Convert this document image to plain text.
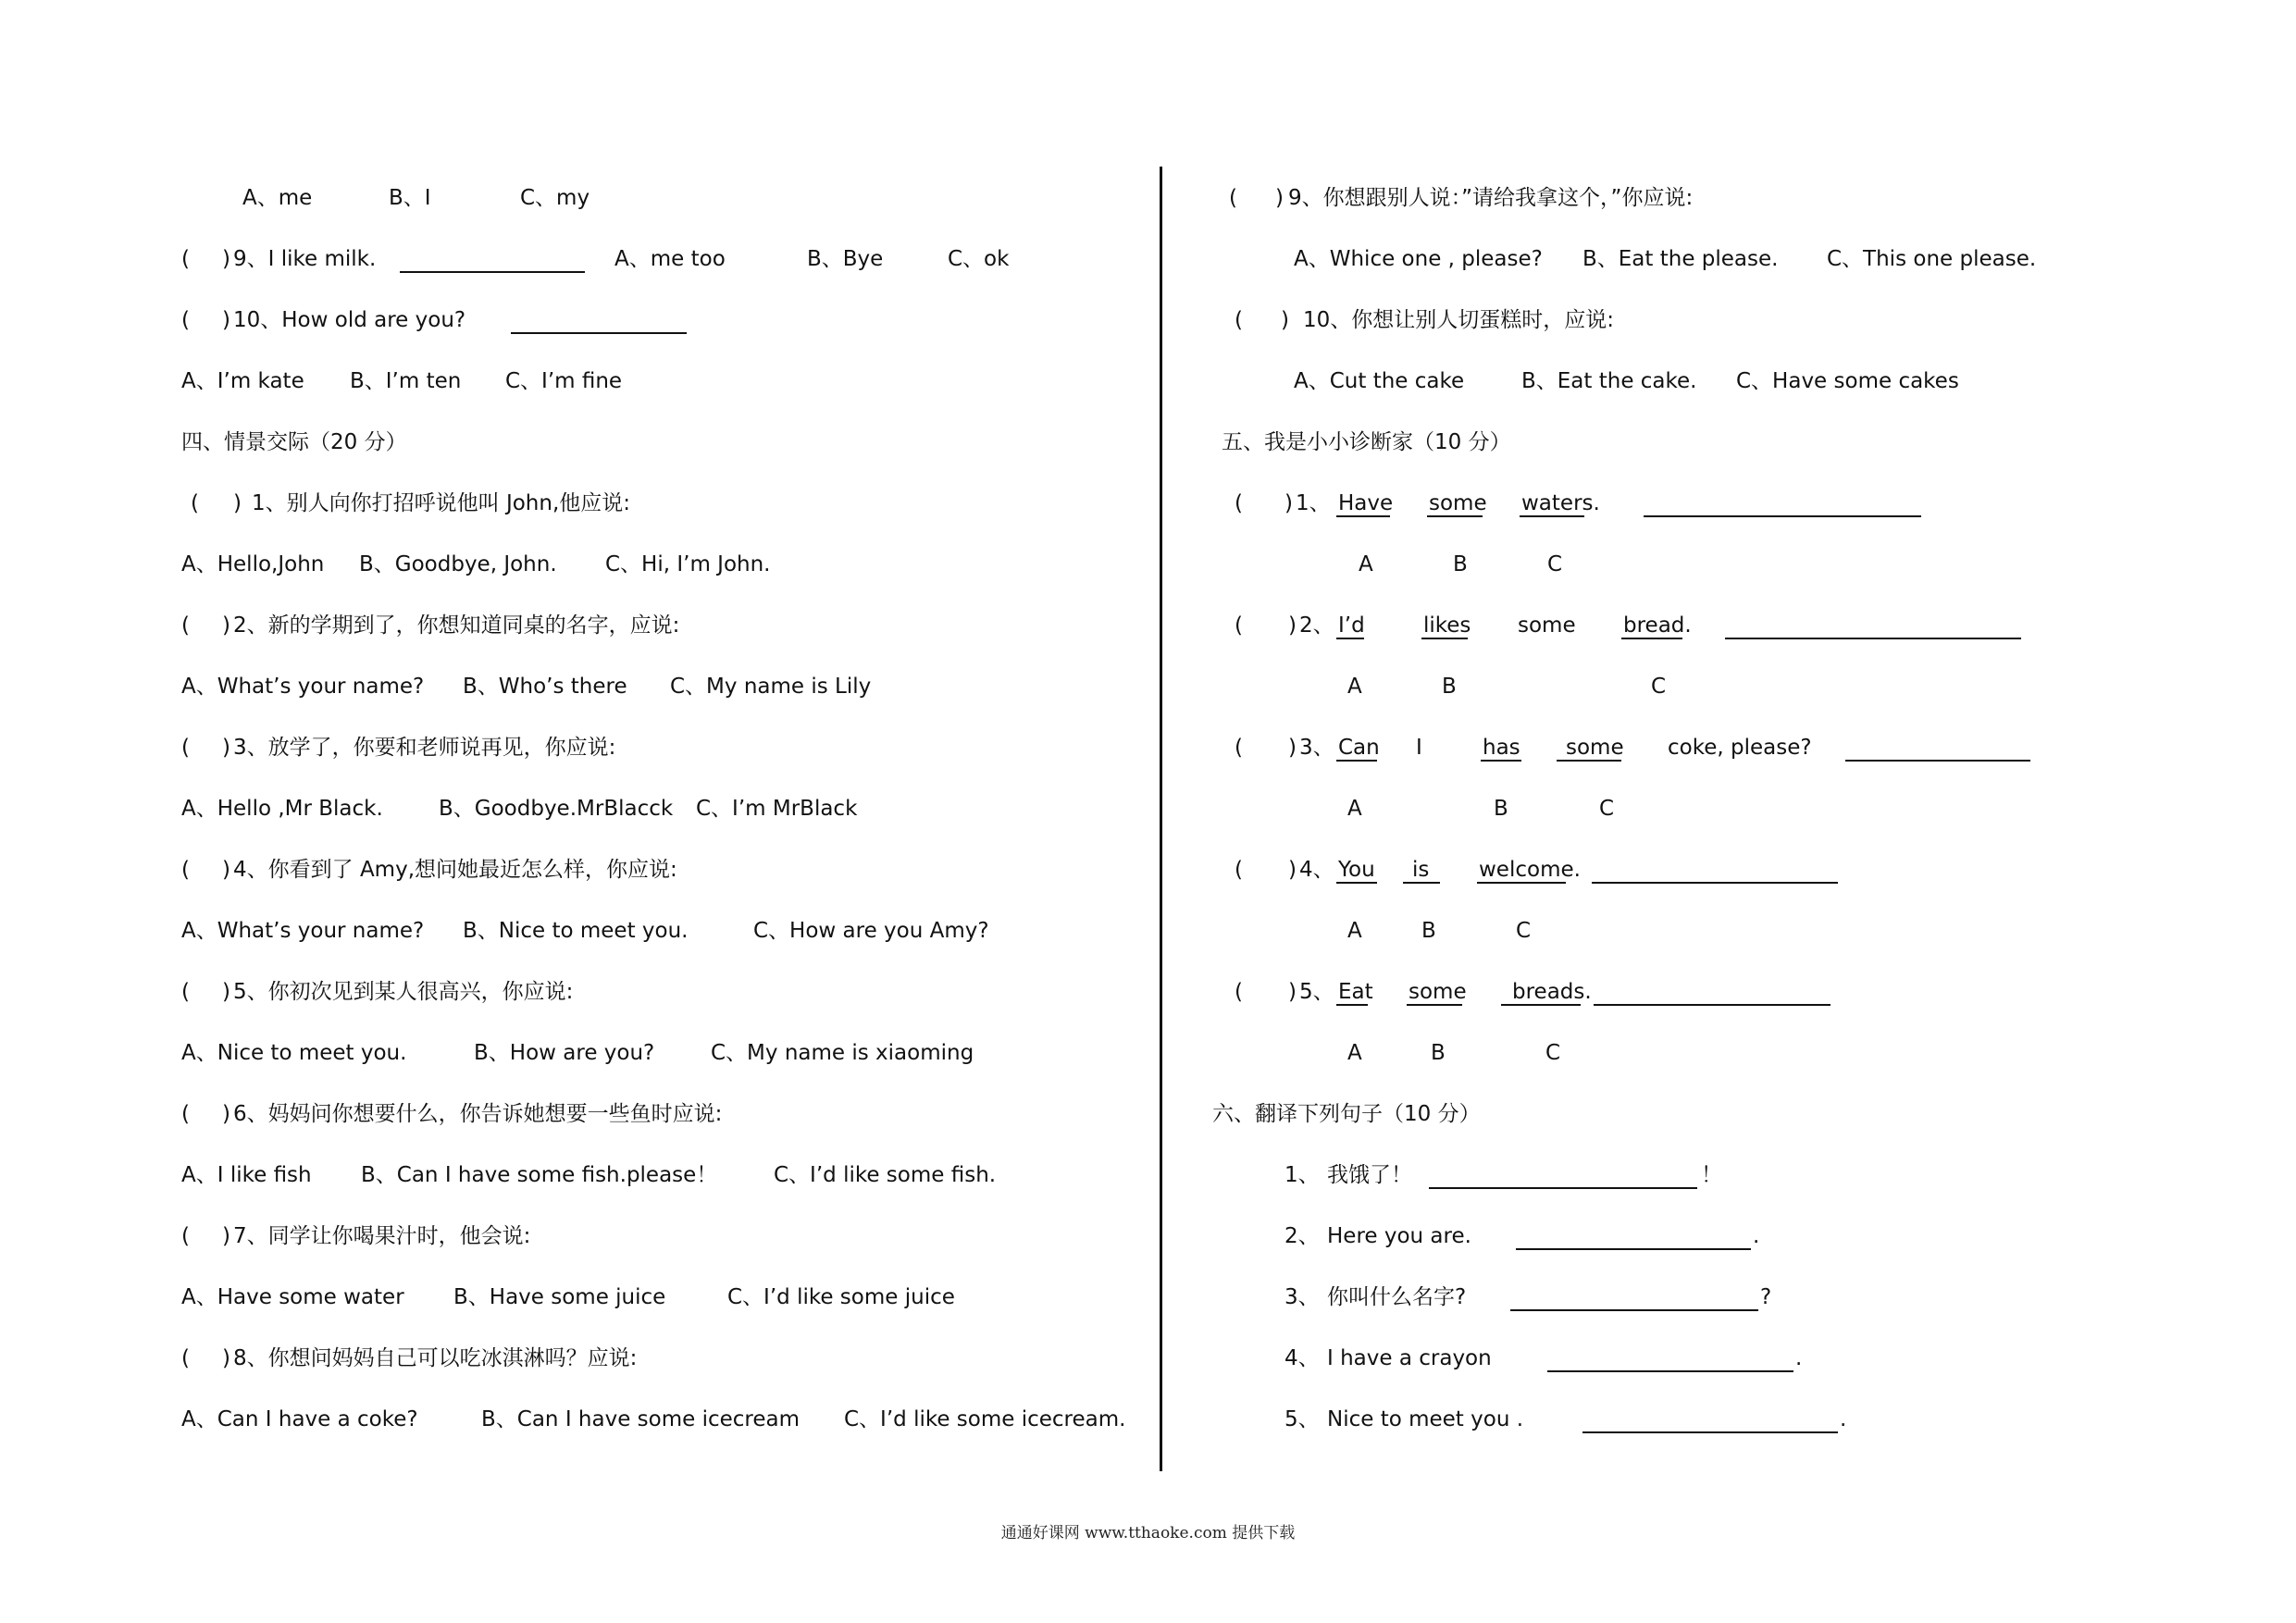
A、me	B、I	C、my
( ) 9、I like milk.	A、me too	B、Bye	C、ok
( ) 10、How old are you?
A、I’m kate B、I’m ten C、I’m fine
四、情景交际（20 分）
( ) 1、别人向你打招呼说他叫 John,他应说:
A、Hello,John B、Goodbye, John. C、Hi, I’m John.
( ) 2、新的学期到了，你想知道同桌的名字，应说:
A、What’s your name? B、Who’s there C、My name is Lily
( ) 3、放学了，你要和老师说再见，你应说:
A、Hello ,Mr Black.	B、Goodbye.MrBlacck C、I’m MrBlack
( ) 4、你看到了 Amy,想问她最近怎么样，你应说:
A、What’s your name? B、Nice to meet you.	C、How are you Amy?
( ) 5、你初次见到某人很高兴，你应说:
A、Nice to meet you.	B、How are you?	C、My name is xiaoming
( ) 6、妈妈问你想要什么，你告诉她想要一些鱼时应说:
A、I like fish B、Can I have some fish.please！	C、I’d like some fish.
( ) 7、同学让你喝果汁时，他会说:
A、Have some water B、Have some juice	C、I’d like some juice
( ) 8、你想问妈妈自己可以吃冰淇淋吗？应说:
A、Can I have a coke?	B、Can I have some icecream C、I’d like some icecream.
( ) 9、你想跟别人说：”请给我拿这个，”你应说:
A、Whice one , please? B、Eat the please. C、This one please.
( ) 10、你想让别人切蛋糕时，应说:
A、Cut the cake	B、Eat the cake. C、Have some cakes
五、我是小小诊断家（10 分）
( ) 1、 Have some waters.
A	B	C
( ) 2、 I’d	likes some bread.
A	B	C
( ) 3、 Can I	has some coke, please?
A	B	C
( ) 4、 You is welcome.
A	B	C
( ) 5、 Eat some breads.
A	B	C
六、翻译下列句子（10 分）
1、 我饿了！	！
2、 Here you are.	.
3、 你叫什么名字?	?
4、 I have a crayon	.
5、 Nice to meet you .	.
通通好课网 www.tthaoke.com 提供下载
